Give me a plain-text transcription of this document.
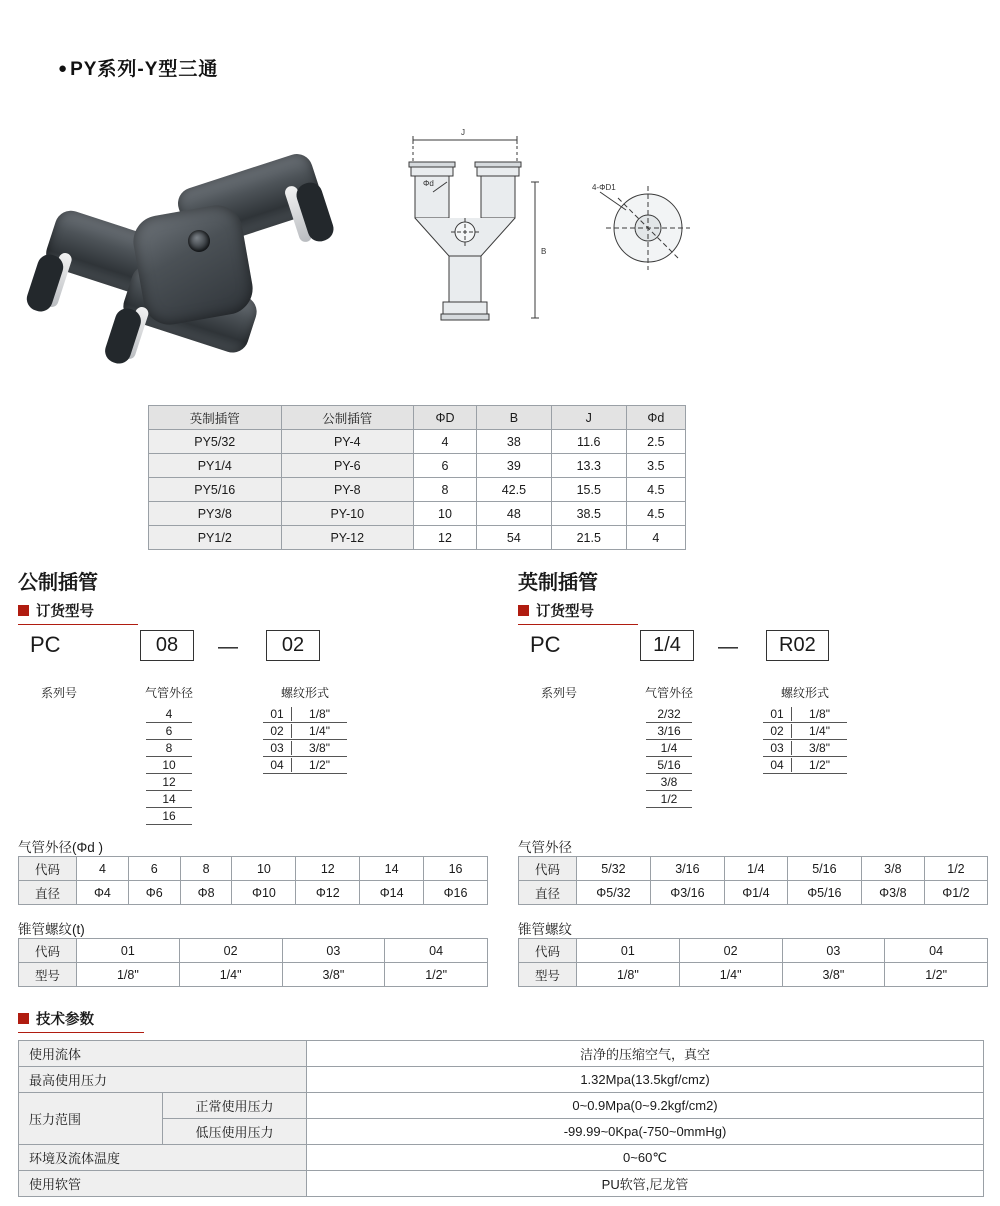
● PY系列-Y型三通
J
B
Φd	4-ΦD1
英制插管	公制插管	ΦD	B	J	Φd
PY5/32	PY-4	4	38	11.6	2.5
PY1/4	PY-6	6	39	13.3	3.5
PY5/16	PY-8	8	42.5	15.5	4.5
PY3/8	PY-10	10	48	38.5	4.5
PY1/2	PY-12	12	54	21.5	4
公制插管	英制插管
订货型号	订货型号
PC	08	—	02
系列号	气管外径
4
6
8
10
12
14
16
螺纹形式
01	1/8"
02	1/4"
03	3/8"
04	1/2"
PC	1/4	—	R02
系列号	气管外径
2/32
3/16
1/4
5/16
3/8
1/2
螺纹形式
01	1/8"
02	1/4"
03	3/8"
04	1/2"
气管外径(Φd )
代码	4	6	8	10	12	14	16
直径	Φ4	Φ6	Φ8	Φ10	Φ12	Φ14	Φ16
锥管螺纹(t)
代码	01	02	03	04
型号	1/8"	1/4"	3/8"	1/2"
气管外径
代码	5/32	3/16	1/4	5/16	3/8	1/2
直径	Φ5/32	Φ3/16	Φ1/4	Φ5/16	Φ3/8	Φ1/2
锥管螺纹
代码	01	02	03	04
型号	1/8"	1/4"	3/8"	1/2"
技术参数
使用流体		洁净的压缩空气，真空
最高使用压力		1.32Mpa(13.5kgf/cmz)
压力范围	正常使用压力	0~0.9Mpa(0~9.2kgf/cm2)
	低压使用压力	-99.99~0Kpa(-750~0mmHg)
环境及流体温度		0~60℃
使用软管		PU软管,尼龙管
